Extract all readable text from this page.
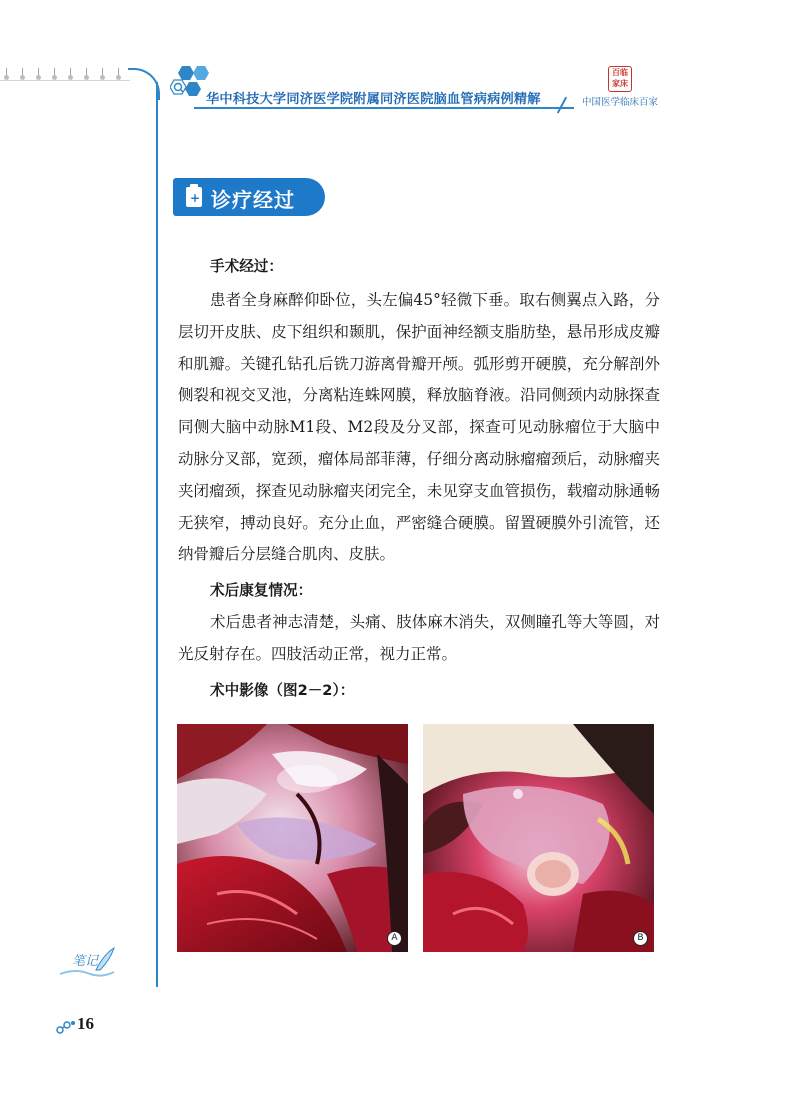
华中科技大学同济医学院附属同济医院脑血管病病例精解
百临
家床
中国医学临床百家
+ 诊疗经过
手术经过：

患者全身麻醉仰卧位，头左偏45°轻微下垂。取右侧翼点入路，分层切开皮肤、皮下组织和颞肌，保护面神经额支脂肪垫，悬吊形成皮瓣和肌瓣。关键孔钻孔后铣刀游离骨瓣开颅。弧形剪开硬膜，充分解剖外侧裂和视交叉池，分离粘连蛛网膜，释放脑脊液。沿同侧颈内动脉探查同侧大脑中动脉M1段、M2段及分叉部，探查可见动脉瘤位于大脑中动脉分叉部，宽颈，瘤体局部菲薄，仔细分离动脉瘤瘤颈后，动脉瘤夹夹闭瘤颈，探查见动脉瘤夹闭完全，未见穿支血管损伤，载瘤动脉通畅无狭窄，搏动良好。充分止血，严密缝合硬膜。留置硬膜外引流管，还纳骨瓣后分层缝合肌肉、皮肤。

术后康复情况：

术后患者神志清楚，头痛、肢体麻木消失，双侧瞳孔等大等圆，对光反射存在。四肢活动正常，视力正常。

术中影像（图2－2）：
A	B
笔记
16
